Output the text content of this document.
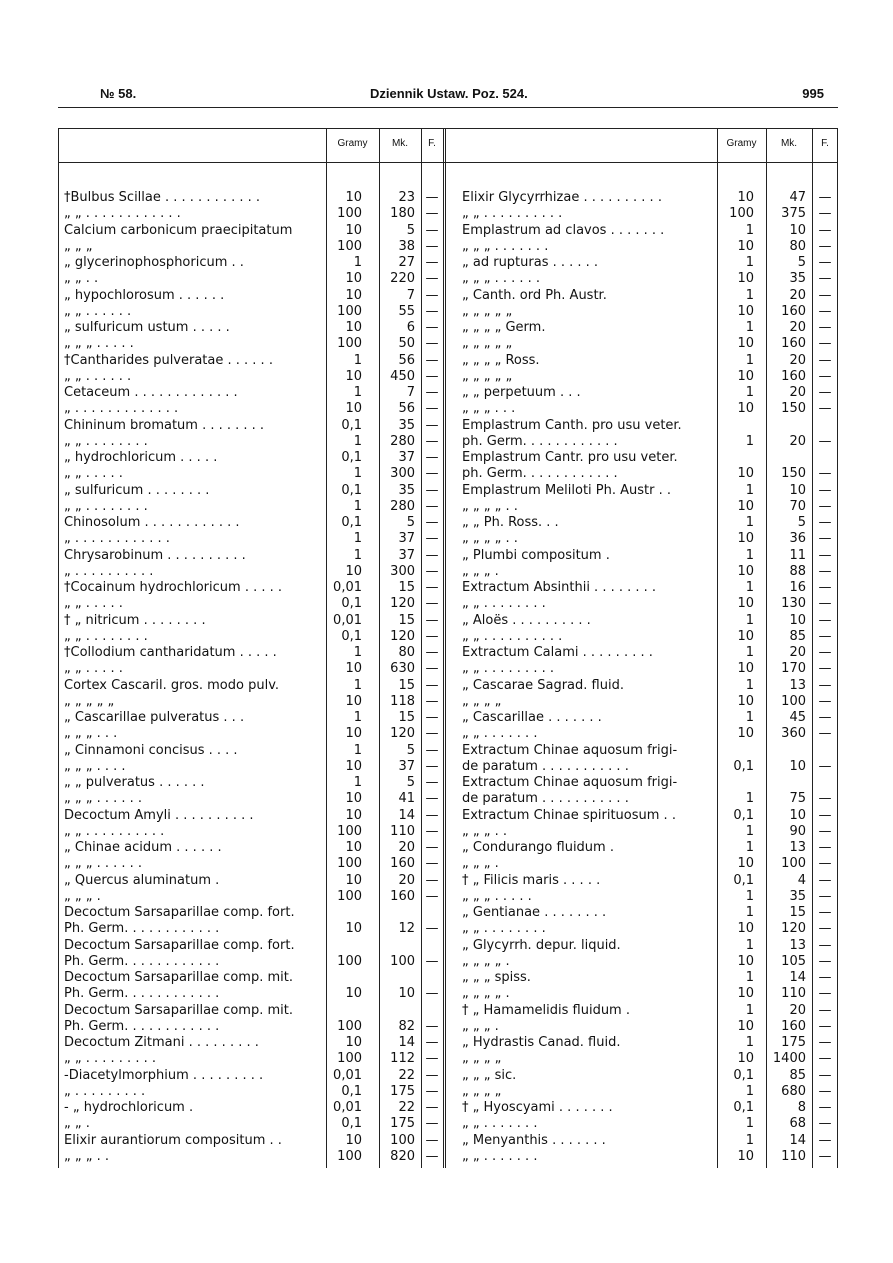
№ 58.	Dziennik Ustaw. Poz. 524.	995
Gramy	Mk.	F.	Gramy	Mk.	F.
†Bulbus Scillae . . . . . . . . . . . .	10	23 —
„ „ . . . . . . . . . . . .	100	180 —
Calcium carbonicum praecipitatum	10	5 —
„ „ „	100	38 —
„ glycerinophosphoricum . .	1	27 —
„ „ . .	10	220 —
„ hypochlorosum . . . . . .	10	7 —
„ „ . . . . . .	100	55 —
„ sulfuricum ustum . . . . .	10	6 —
„ „ „ . . . . .	100	50 —
†Cantharides pulveratae . . . . . .	1	56 —
„ „ . . . . . .	10	450 —
Cetaceum . . . . . . . . . . . . .	1	7 —
„ . . . . . . . . . . . . .	10	56 —
Chininum bromatum . . . . . . . .	0,1	35 —
„ „ . . . . . . . .	1	280 —
„ hydrochloricum . . . . .	0,1	37 —
„ „ . . . . .	1	300 —
„ sulfuricum . . . . . . . .	0,1	35 —
„ „ . . . . . . . .	1	280 —
Chinosolum . . . . . . . . . . . .	0,1	5 —
„ . . . . . . . . . . . .	1	37 —
Chrysarobinum . . . . . . . . . .	1	37 —
„ . . . . . . . . . .	10	300 —
†Cocainum hydrochloricum . . . . .	0,01	15 —
„ „ . . . . .	0,1	120 —
† „ nitricum . . . . . . . .	0,01	15 —
„ „ . . . . . . . .	0,1	120 —
†Collodium cantharidatum . . . . .	1	80 —
„ „ . . . . .	10	630 —
Cortex Cascaril. gros. modo pulv.	1	15 —
„ „ „ „ „	10	118 —
„ Cascarillae pulveratus . . .	1	15 —
„ „ „ . . .	10	120 —
„ Cinnamoni concisus . . . .	1	5 —
„ „ „ . . . .	10	37 —
„ „ pulveratus . . . . . .	1	5 —
„ „ „ . . . . . .	10	41 —
Decoctum Amyli . . . . . . . . . .	10	14 —
„ „ . . . . . . . . . .	100	110 —
„ Chinae acidum . . . . . .	10	20 —
„ „ „ . . . . . .	100	160 —
„ Quercus aluminatum .	10	20 —
„ „ „ .	100	160 —
Decoctum Sarsaparillae comp. fort.
Ph. Germ. . . . . . . . . . . .	10	12 —
Decoctum Sarsaparillae comp. fort.
Ph. Germ. . . . . . . . . . . .	100	100 —
Decoctum Sarsaparillae comp. mit.
Ph. Germ. . . . . . . . . . . .	10	10 —
Decoctum Sarsaparillae comp. mit.
Ph. Germ. . . . . . . . . . . .	100	82 —
Decoctum Zitmani . . . . . . . . .	10	14 —
„ „ . . . . . . . . .	100	112 —
-Diacetylmorphium . . . . . . . . .	0,01	22 —
„ . . . . . . . . .	0,1	175 —
- „ hydrochloricum .	0,01	22 —
„ „ .	0,1	175 —
Elixir aurantiorum compositum . .	10	100 —
„ „ „ . .	100	820 —
Elixir Glycyrrhizae . . . . . . . . . .	10	47 —
„ „ . . . . . . . . . .	100	375 —
Emplastrum ad clavos . . . . . . .	1	10 —
„ „ „ . . . . . . .	10	80 —
„ ad rupturas . . . . . .	1	5 —
„ „ „ . . . . . .	10	35 —
„ Canth. ord Ph. Austr.	1	20 —
„ „ „ „ „	10	160 —
„ „ „ „ Germ.	1	20 —
„ „ „ „ „	10	160 —
„ „ „ „ Ross.	1	20 —
„ „ „ „ „	10	160 —
„ „ perpetuum . . .	1	20 —
„ „ „ . . .	10	150 —
Emplastrum Canth. pro usu veter.
ph. Germ. . . . . . . . . . . .	1	20 —
Emplastrum Cantr. pro usu veter.
ph. Germ. . . . . . . . . . . .	10	150 —
Emplastrum Meliloti Ph. Austr . .	1	10 —
„ „ „ „ . .	10	70 —
„ „ Ph. Ross. . .	1	5 —
„ „ „ „ . .	10	36 —
„ Plumbi compositum .	1	11 —
„ „ „ .	10	88 —
Extractum Absinthii . . . . . . . .	1	16 —
„ „ . . . . . . . .	10	130 —
„ Aloës . . . . . . . . . .	1	10 —
„ „ . . . . . . . . . .	10	85 —
Extractum Calami . . . . . . . . .	1	20 —
„ „ . . . . . . . . .	10	170 —
„ Cascarae Sagrad. fluid.	1	13 —
„ „ „ „	10	100 —
„ Cascarillae . . . . . . .	1	45 —
„ „ . . . . . . .	10	360 —
Extractum Chinae aquosum frigi-
de paratum . . . . . . . . . . .	0,1	10 —
Extractum Chinae aquosum frigi-
de paratum . . . . . . . . . . .	1	75 —
Extractum Chinae spirituosum . .	0,1	10 —
„ „ „ . .	1	90 —
„ Condurango fluidum .	1	13 —
„ „ „ .	10	100 —
† „ Filicis maris . . . . .	0,1	4 —
„ „ „ . . . . .	1	35 —
„ Gentianae . . . . . . . .	1	15 —
„ „ . . . . . . . .	10	120 —
„ Glycyrrh. depur. liquid.	1	13 —
„ „ „ „ .	10	105 —
„ „ „ spiss.	1	14 —
„ „ „ „ .	10	110 —
† „ Hamamelidis fluidum .	1	20 —
„ „ „ .	10	160 —
„ Hydrastis Canad. fluid.	1	175 —
„ „ „ „	10	1400 —
„ „ „ sic.	0,1	85 —
„ „ „ „	1	680 —
† „ Hyoscyami . . . . . . .	0,1	8 —
„ „ . . . . . . .	1	68 —
„ Menyanthis . . . . . . .	1	14 —
„ „ . . . . . . .	10	110 —
